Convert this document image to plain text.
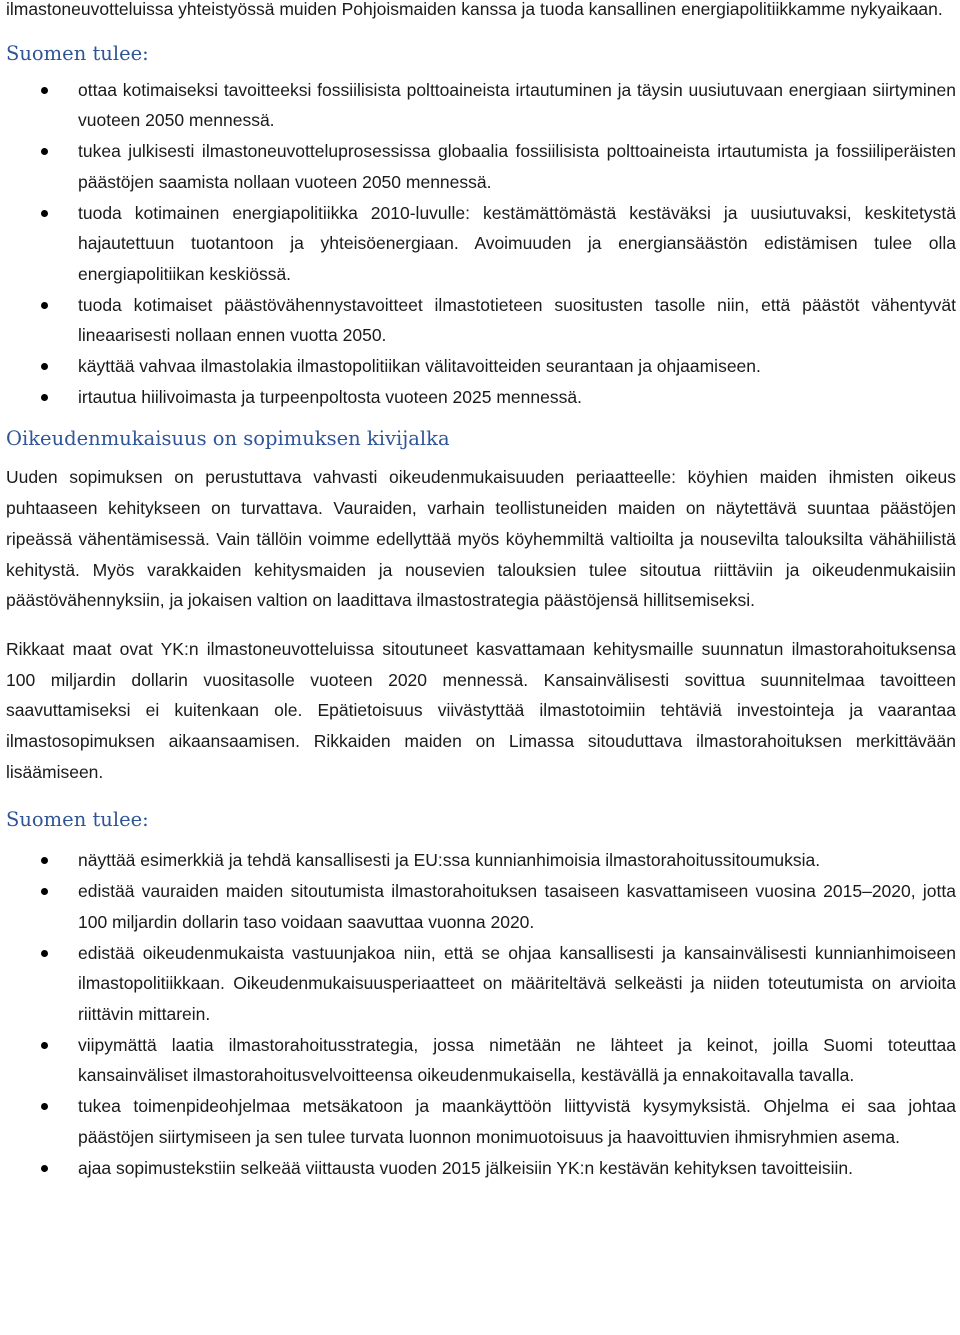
ilmastoneuvotteluissa yhteistyössä muiden Pohjoismaiden kanssa ja tuoda kansallinen energiapolitiikkamme nykyaikaan.

Suomen tulee:
ottaa kotimaiseksi tavoitteeksi fossiilisista polttoaineista irtautuminen ja täysin uusiutuvaan energiaan siirtyminen vuoteen 2050 mennessä.
tukea julkisesti ilmastoneuvotteluprosessissa globaalia fossiilisista polttoaineista irtautumista ja fossiiliperäisten päästöjen saamista nollaan vuoteen 2050 mennessä.
tuoda kotimainen energiapolitiikka 2010-luvulle: kestämättömästä kestäväksi ja uusiutuvaksi, keskitetystä hajautettuun tuotantoon ja yhteisöenergiaan. Avoimuuden ja energiansäästön edistämisen tulee olla energiapolitiikan keskiössä.
tuoda kotimaiset päästövähennystavoitteet ilmastotieteen suositusten tasolle niin, että päästöt vähentyvät lineaarisesti nollaan ennen vuotta 2050.
käyttää vahvaa ilmastolakia ilmastopolitiikan välitavoitteiden seurantaan ja ohjaamiseen.
irtautua hiilivoimasta ja turpeenpoltosta vuoteen 2025 mennessä.
Oikeudenmukaisuus on sopimuksen kivijalka

Uuden sopimuksen on perustuttava vahvasti oikeudenmukaisuuden periaatteelle: köyhien maiden ihmisten oikeus puhtaaseen kehitykseen on turvattava. Vauraiden, varhain teollistuneiden maiden on näytettävä suuntaa päästöjen ripeässä vähentämisessä. Vain tällöin voimme edellyttää myös köyhemmiltä valtioilta ja nousevilta talouksilta vähähiilistä kehitystä. Myös varakkaiden kehitysmaiden ja nousevien talouksien tulee sitoutua riittäviin ja oikeudenmukaisiin päästövähennyksiin, ja jokaisen valtion on laadittava ilmastostrategia päästöjensä hillitsemiseksi.

Rikkaat maat ovat YK:n ilmastoneuvotteluissa sitoutuneet kasvattamaan kehitysmaille suunnatun ilmastorahoituksensa 100 miljardin dollarin vuositasolle vuoteen 2020 mennessä. Kansainvälisesti sovittua suunnitelmaa tavoitteen saavuttamiseksi ei kuitenkaan ole. Epätietoisuus viivästyttää ilmastotoimiin tehtäviä investointeja ja vaarantaa ilmastosopimuksen aikaansaamisen. Rikkaiden maiden on Limassa sitouduttava ilmastorahoituksen merkittävään lisäämiseen.

Suomen tulee:
näyttää esimerkkiä ja tehdä kansallisesti ja EU:ssa kunnianhimoisia ilmastorahoitussitoumuksia.
edistää vauraiden maiden sitoutumista ilmastorahoituksen tasaiseen kasvattamiseen vuosina 2015–2020, jotta 100 miljardin dollarin taso voidaan saavuttaa vuonna 2020.
edistää oikeudenmukaista vastuunjakoa niin, että se ohjaa kansallisesti ja kansainvälisesti kunnianhimoiseen ilmastopolitiikkaan. Oikeudenmukaisuusperiaatteet on määriteltävä selkeästi ja niiden toteutumista on arvioita riittävin mittarein.
viipymättä laatia ilmastorahoitusstrategia, jossa nimetään ne lähteet ja keinot, joilla Suomi toteuttaa kansainväliset ilmastorahoitusvelvoitteensa oikeudenmukaisella, kestävällä ja ennakoitavalla tavalla.
tukea toimenpideohjelmaa metsäkatoon ja maankäyttöön liittyvistä kysymyksistä. Ohjelma ei saa johtaa päästöjen siirtymiseen ja sen tulee turvata luonnon monimuotoisuus ja haavoittuvien ihmisryhmien asema.
ajaa sopimustekstiin selkeää viittausta vuoden 2015 jälkeisiin YK:n kestävän kehityksen tavoitteisiin.
